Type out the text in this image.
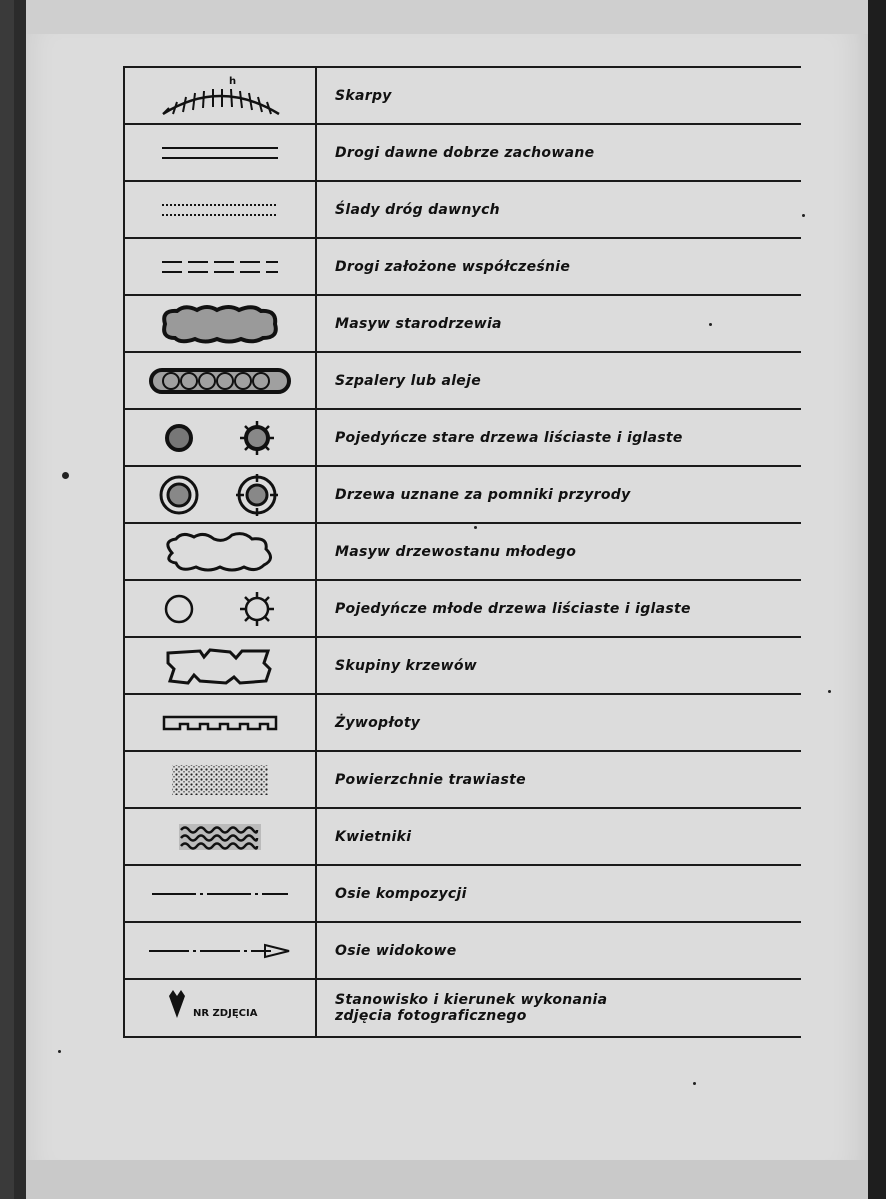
h	Skarpy

	Drogi dawne dobrze zachowane

	Ślady dróg dawnych

	Drogi założone współcześnie

	Masyw starodrzewia

	Szpalery lub aleje

	Pojedyńcze stare drzewa liściaste i iglaste

	Drzewa uznane za pomniki przyrody

	Masyw drzewostanu młodego

	Pojedyńcze młode drzewa liściaste i iglaste

	Skupiny krzewów

	Żywopłoty

	Powierzchnie trawiaste

	Kwietniki

	Osie kompozycji

	Osie widokowe

NR ZDJĘCIA	Stanowisko i kierunek wykonania
zdjęcia fotograficznego
